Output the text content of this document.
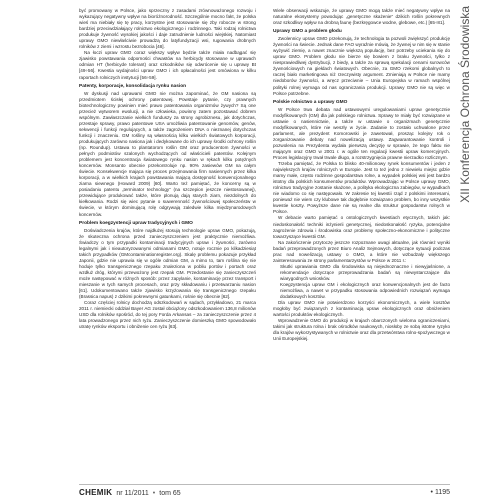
być promowany w Polsce, jako sprzeczny z zasadami zrównoważonego rozwoju i wykazujący negatywny wpływ na bioróżnorodność. Szczególnie mocno fakt, że polska wieś ma niebiały się tę pracy, korzystne jest stosowanie się zby robocze w strong bardziej przeciwdziałający rolnictwo ekologicznego i rodzinnego. Taki rodzaj rolnictwa produkuje żywność wysokiej jakości i daje zatrudnienie ludności wiejskiej. Natomiast uprawy GMO niewłaściwie prowadzą do latyfundyzacji wsi, rugowania drobnych rolników z ziemi i wzrostu bezrobocia [48].

Na łoczi upraw GMO coraz większy wpływ będzie także miała nadbągać się zjawisko powstawania odporności chwastów na herbicydy stosowane w uprawach odmian HT (herbicyde tolerant) oraz szkodników się odwrócenie się u uprawy Bt [49÷56]. Kwestia wydajności upraw GMO i ich opłacalności jest omówiona w kilku raportach rolniczych instytucji [56÷59].

Patenty, korporacje, konsolidacja rynku nasion

W dyskusji nad uprawami GMO nie można zapominać, że GM nasiona są przedmiotem ścisłej ochrony patentowej. Powstaje pytanie, czy prawnych biotechnologiczny powinien mieć prawo patentowania organizmów żywych? Są one przecież wytworem ewolucji, a nie człowieka, powinny zatem pozostawać dobrem wspólnym. Zawłaszczanie wielkich funduszy za strony agrobiznesu, jak dotychczas, przestaje sprawy, prawo patentowe USA umożliwia patentowanie genomów, genów, sekwencji i funkcji regulujących, a także zagrożeniem DNA o nieznanej dotychczas funkcji i znaczeniu. GM rośliny są własnością kilku wielkich światowych korporacji, produkujących zarówno nasiona jak i dedykowane do ich uprawy środki ochrony roślin (np. Roundup). Ustawa to plantatorom roślin GM oraz producentom żywności w pełnych podmiotów szalonych wychodzących od właścicieli patentów. Kolejnym problemem jest koncentracja światowego rynku nasion w rękach kilku potężnych koncernów. Monsanto obecnie przekontroluje np. 90% zasiewów GM na całym świecie. Konsekwencje mająca się proces przejmowania firm nasiennych przez kilka korporacji, a w wielkich krajach powstawania mającą dostępność konwencjonalnego ziarna siewnego (Howard 2009) [60]. Warto też pamiętać, że koncerny są w posiadaniu patentu „terminator technology” (na szczepion jeszcze niestosowanej), przewidujące produkować także, które plonują dają starych ziarn, niezdolnych do kiełkowania. Rodzi się wiec pytanie o suwerenność żywnościowej społeczeństw w świecie, w którym dominującą rolę odgrywają zaledwie kilka międzynarodowych koncernów.

Problem koegzystencji upraw tradycyjnych i GMO

Doświadczenia krajów, które najdłużej stosują technologie upraw GMO, pokazują, że skuteczna ochrona przed zanieczyszczeniem jest praktycznie niemożliwa. Świadczy o tym przypadki kontaminacji tradycyjnych upraw i żywności, zarówno legalnymi jak i nieautoryzowanymi odmianami GMO, notuje rocznie po kilkadziesiąt takich przypadków (GMcontaminationregister.org). Skalę problemu pokazuje przykład Japonii, gdzie nie uprawia się w ogóle odmian GM, a mimo to, tam roślina się nie hoduje tylko transgenicznego rzepaku znaleziona w pobliu portów i portach oraz wzdłuż dróg, którymi przewożony jest rzepak GM. Przedostanie się zanieczyszczeń może następować w różnych sposób: przez zapylanie, kontaminację przez transport i mieszanie w tych samych procesach, oraz przy składowaniu i przetwarzaniu nasion [61]. Udokumentowano także zjawisko krzyżowania się transgenicznego rzepaku (Brassica napus) z dzikimi pokrewnymi gatunkami, rośnie się obecnie [62].

Coraz częściej rolnicy dochodzą odszkodowań w sądach, przykładowo, 21 marca 2011 r. niemiecki oddział Bayer AG został obciążony odszkodowaniem 136,8 milionów USD dla rolników spośród, do tej pory Forda Arkansas – za zanieczyszczenie przez 4 lata prowadzonego przez nich ryżu. Zanieczyszczenie domieszką GMO spowodowało utratę rynków eksportu i obniżenie cen ryżu [63].

Wiele obserwacji wskazuje, że uprawy GMO mogą także mieć negatywny wpływ na naturalne ekosystemy powodując „genetyczne skażenie” dzikich roślin pokrewnych oraz szkodliwy wpływ na drobną faunę (bezkręgowce wodne, glebowe, etc.) [65÷81].

Uprawy GMO a problem głodu

Zwolennicy upraw GMO przekonują, że technologia ta pozwoli zwiększyć produkcję żywności na świecie. Jednak dane FAO wyraźnie mówią, że żywnej w nim się w stanie wyżywić ziemię, a nawet znacznie większą populację, bez potrzeby uciekania się do upraw GMO. Problem głodu nie bierze się bowiem z braku żywności, tylko z niesprawiedliwej dystrybucji, z biedy, a także za sprawą spekulacji cenami surowców żywnościowych na giełdach światowych. Obecnie, za GMO rzekomi globalnych to raczej biało marketingowa niż rzeczywisty argument. Zmieniają w Polsce nie mamy niedoborów żywności, a wręcz przeciwnie – Unia Europejska w ramach wspólnej polityki rolnej wymaga od nas ograniczania produkcji. Uprawy GMO nie są więc w Polsce potrzebne.

Polskie rolnictwo a uprawy GMO

W Polsce trwa debata nad ustawowymi uregulowaniami upraw genetycznie modyfikowanych (GM) dla jak polskiego rolnictwa. Sprawy te miały być rozwiązane w ustawie o nasiennictwie, a także w ustawie o organizmach genetycznie modyfikowanych, które nie weszły w życie. Zadanie to zostało uchwalone przez parlament, ale prezydent Komorowski je zawetował, prosząc kolejny rok o zorganizowanie debaty nad nowelizacją ustawy. Zagwarantowanie kontroli i pozwolenia na Prezydenta wydała pierwszą decyzję w sprawie, że tego faktu nie mającym oraz GMO w 2001 r. w ogóle ten regulacji kwestii upraw komercyjnych. Proces legislacyjny trwał trwale długo, a rozstrzygnięcia prawne nierzadko rozlicznym.

Trzeba pamiętać, że Polska to blisko 40-milionowy rynek konsumentów i jeden z największych krajów rolniczych w Europie. Jest to też jedno z niewielu miejsc gdzie mamy małe, często rodzinne gospodarstwa rolne, a wypadek polskiej wsi jest bardzo istotny dla polskich konsumentów produktów. Wprowadzając w Polsce uprawy GMO, rolnictwo tradycyjne zostanie skażone, a polityka ekologiczna zabiegów, w wypadkach nie wiadomo co się następowało. W zakresie tej kwestii rząd z polskimi interesami, ponieważ nie wiem czy klubowe tak dogłębnie rozwiązano problem, bo inny wszystkie kwestie koszty. Powyższe dane nie są realne dla struktur gospodarstw rolnych w Polsce.

W debacie warto pamiętać o ontologicznych kwestiach etycznych, takich jak: niedoskonałość techniki inżynierii genetycznej, niedoskonałość ryzyka, potencjalne zagrożenie zdrowia i środowiska oraz problemy społeczno-ekonomiczne i polityczne towarzyszące kwestii GM.

Na zakończenie przytoczę jeszcze rozpoznane uwagi aktualne, jak również wyniki badań przeprowadzonych przez Biuro Analiz Sejmowych, dotyczące sytuacji podczas prac nad nowelizacją ustawy o GMO, a które nie wzbudzały większego zainteresowania ze strony parlamentarzystów w Polsce w 2011 r.:

• Skutki uprawiania GMO dla środowiska są niejednoznaczne i niewyjaśnione, a rekomendacje dotyczące przeprowadzania badań są niewystarczające dla wiarygodnych wniosków.
• Koegzystencja upraw GM i ekologicznych oraz konwencjonalnych jest de facto niemożliwa, a nawet w przypadku stosowania odpowiednich rozwiązań wymaga dodatkowych kosztów.

Dla upraw GMO nie potwierdzono korzyści ekonomicznych, a wiele kosztów mogłoby być związanych z kontaminacją upraw ekologicznych oraz obniżeniem wartości produktów ekologicznych.

Wprowadzenie GMO do produkcji w krajach obarczonych wieloma ograniczeniami, takimi jak struktura rolna i brak ośrodków naukowych, niosłoby ze sobą istotne ryzyko dla krajów wykorzystywanych w rolnictwie oraz dla przetwórstwa rolno-spożywczego w Unii Europejskiej.

XII Konferencja Ochrona Środowiska
CHEMIK nr 11/2011 • tom 65	• 1195
